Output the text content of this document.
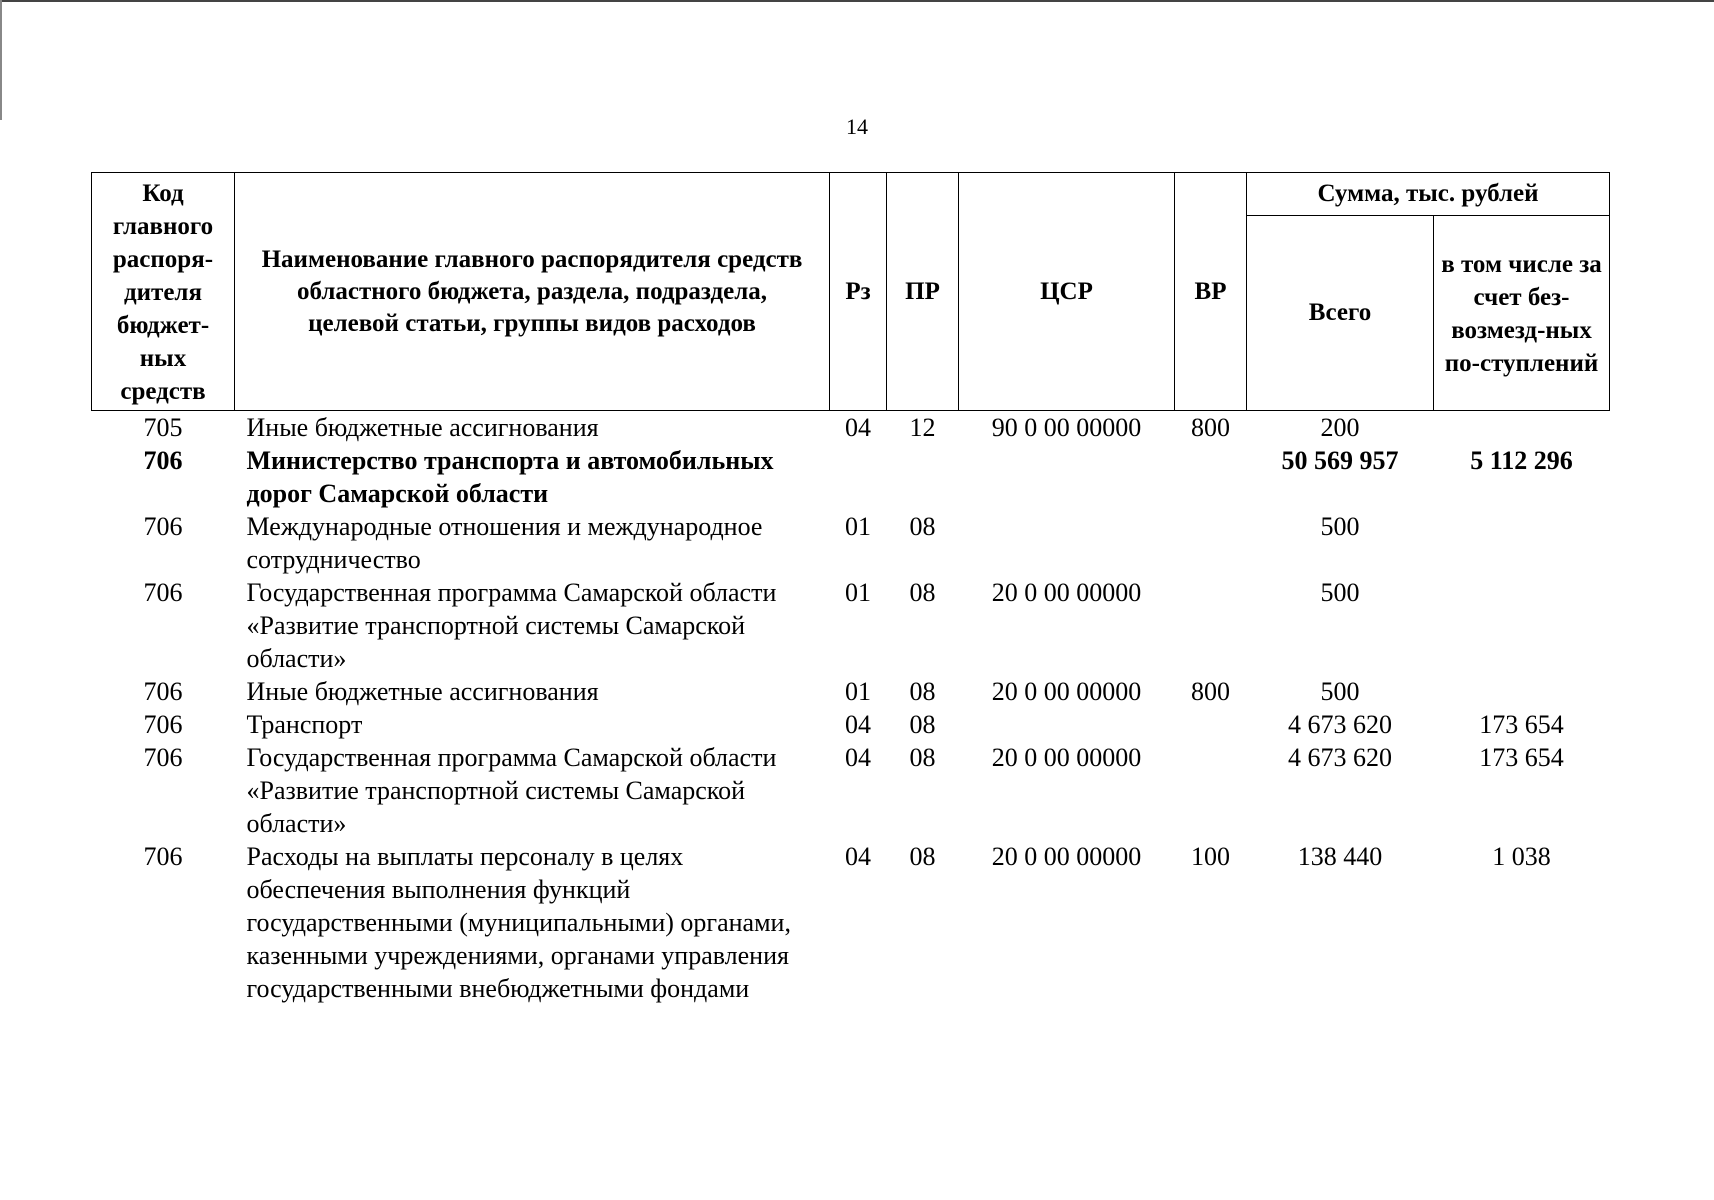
14
Код главного распоря-дителя бюджет-ных средств	Наименование главного распорядителя средств областного бюджета, раздела, подраздела, целевой статьи, группы видов расходов	Рз	ПР	ЦСР	ВР	Сумма, тыс. рублей	
						Всего	в том числе за счет без-возмезд-ных по-ступлений
705	Иные бюджетные ассигнования	04	12	90 0 00 00000	800	200	
706	Министерство транспорта и автомобильных дорог Самарской области					50 569 957	5 112 296
706	Международные отношения и международное сотрудничество	01	08			500	
706	Государственная программа Самарской области «Развитие транспортной системы Самарской области»	01	08	20 0 00 00000		500	
706	Иные бюджетные ассигнования	01	08	20 0 00 00000	800	500	
706	Транспорт	04	08			4 673 620	173 654
706	Государственная программа Самарской области «Развитие транспортной системы Самарской области»	04	08	20 0 00 00000		4 673 620	173 654
706	Расходы на выплаты персоналу в целях обеспечения выполнения функций государственными (муниципальными) органами, казенными учреждениями, органами управления государственными внебюджетными фондами	04	08	20 0 00 00000	100	138 440	1 038
